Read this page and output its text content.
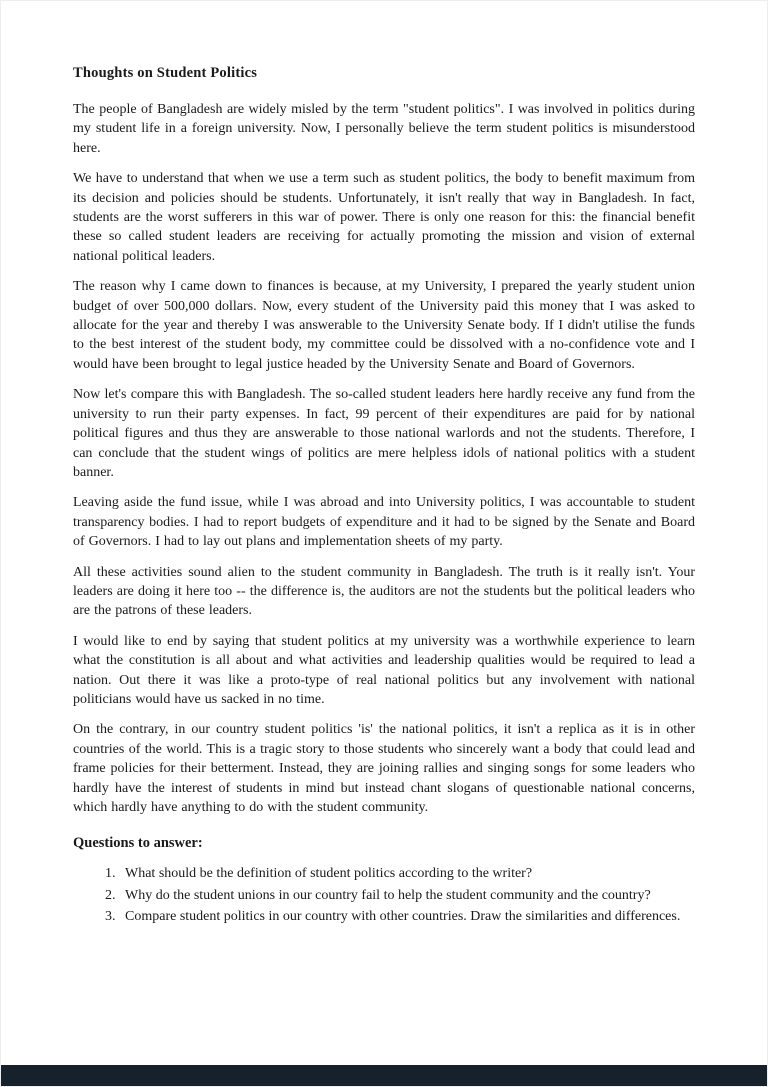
Thoughts on Student Politics

The people of Bangladesh are widely misled by the term "student politics". I was involved in politics during my student life in a foreign university. Now, I personally believe the term student politics is misunderstood here.

We have to understand that when we use a term such as student politics, the body to benefit maximum from its decision and policies should be students. Unfortunately, it isn't really that way in Bangladesh. In fact, students are the worst sufferers in this war of power. There is only one reason for this: the financial benefit these so called student leaders are receiving for actually promoting the mission and vision of external national political leaders.

The reason why I came down to finances is because, at my University, I prepared the yearly student union budget of over 500,000 dollars. Now, every student of the University paid this money that I was asked to allocate for the year and thereby I was answerable to the University Senate body. If I didn't utilise the funds to the best interest of the student body, my committee could be dissolved with a no-confidence vote and I would have been brought to legal justice headed by the University Senate and Board of Governors.

Now let's compare this with Bangladesh. The so-called student leaders here hardly receive any fund from the university to run their party expenses. In fact, 99 percent of their expenditures are paid for by national political figures and thus they are answerable to those national warlords and not the students. Therefore, I can conclude that the student wings of politics are mere helpless idols of national politics with a student banner.

Leaving aside the fund issue, while I was abroad and into University politics, I was accountable to student transparency bodies. I had to report budgets of expenditure and it had to be signed by the Senate and Board of Governors. I had to lay out plans and implementation sheets of my party.

All these activities sound alien to the student community in Bangladesh. The truth is it really isn't. Your leaders are doing it here too -- the difference is, the auditors are not the students but the political leaders who are the patrons of these leaders.

I would like to end by saying that student politics at my university was a worthwhile experience to learn what the constitution is all about and what activities and leadership qualities would be required to lead a nation. Out there it was like a proto-type of real national politics but any involvement with national politicians would have us sacked in no time.

On the contrary, in our country student politics 'is' the national politics, it isn't a replica as it is in other countries of the world. This is a tragic story to those students who sincerely want a body that could lead and frame policies for their betterment. Instead, they are joining rallies and singing songs for some leaders who hardly have the interest of students in mind but instead chant slogans of questionable national concerns, which hardly have anything to do with the student community.

Questions to answer:
1. What should be the definition of student politics according to the writer?
2. Why do the student unions in our country fail to help the student community and the country?
3. Compare student politics in our country with other countries. Draw the similarities and differences.
